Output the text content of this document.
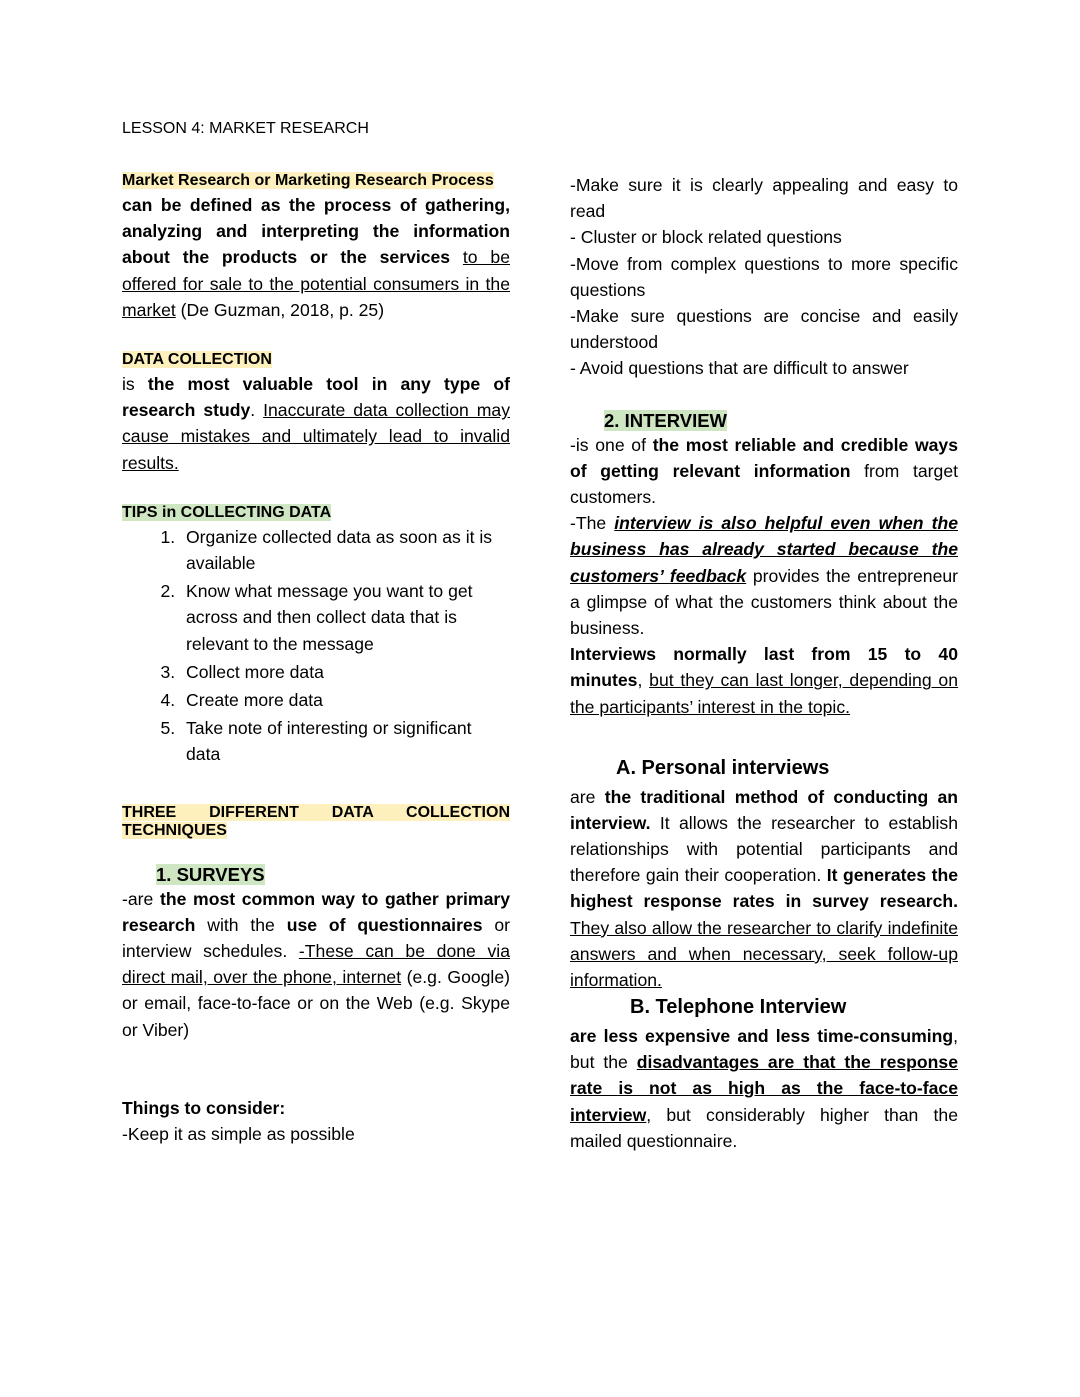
LESSON 4: MARKET RESEARCH
Market Research or Marketing Research Process

can be defined as the process of gathering, analyzing and interpreting the information about the products or the services to be offered for sale to the potential consumers in the market (De Guzman, 2018, p. 25)

DATA COLLECTION

is the most valuable tool in any type of research study. Inaccurate data collection may cause mistakes and ultimately lead to invalid results.

TIPS in COLLECTING DATA
1. Organize collected data as soon as it is available
2. Know what message you want to get across and then collect data that is relevant to the message
3. Collect more data
4. Create more data
5. Take note of interesting or significant data
THREE DIFFERENT DATA COLLECTION TECHNIQUES
1. SURVEYS

-are the most common way to gather primary research with the use of questionnaires or interview schedules. -These can be done via direct mail, over the phone, internet (e.g. Google) or email, face-to-face or on the Web (e.g. Skype or Viber)

Things to consider:

-Keep it as simple as possible

-Make sure it is clearly appealing and easy to read

- Cluster or block related questions

-Move from complex questions to more specific questions

-Make sure questions are concise and easily understood

- Avoid questions that are difficult to answer

2. INTERVIEW

-is one of the most reliable and credible ways of getting relevant information from target customers.

-The interview is also helpful even when the business has already started because the customers’ feedback provides the entrepreneur a glimpse of what the customers think about the business.

Interviews normally last from 15 to 40 minutes, but they can last longer, depending on the participants’ interest in the topic.

A. Personal interviews

are the traditional method of conducting an interview. It allows the researcher to establish relationships with potential participants and therefore gain their cooperation. It generates the highest response rates in survey research. They also allow the researcher to clarify indefinite answers and when necessary, seek follow-up information.

B. Telephone Interview

are less expensive and less time-consuming, but the disadvantages are that the response rate is not as high as the face-to-face interview, but considerably higher than the mailed questionnaire.
